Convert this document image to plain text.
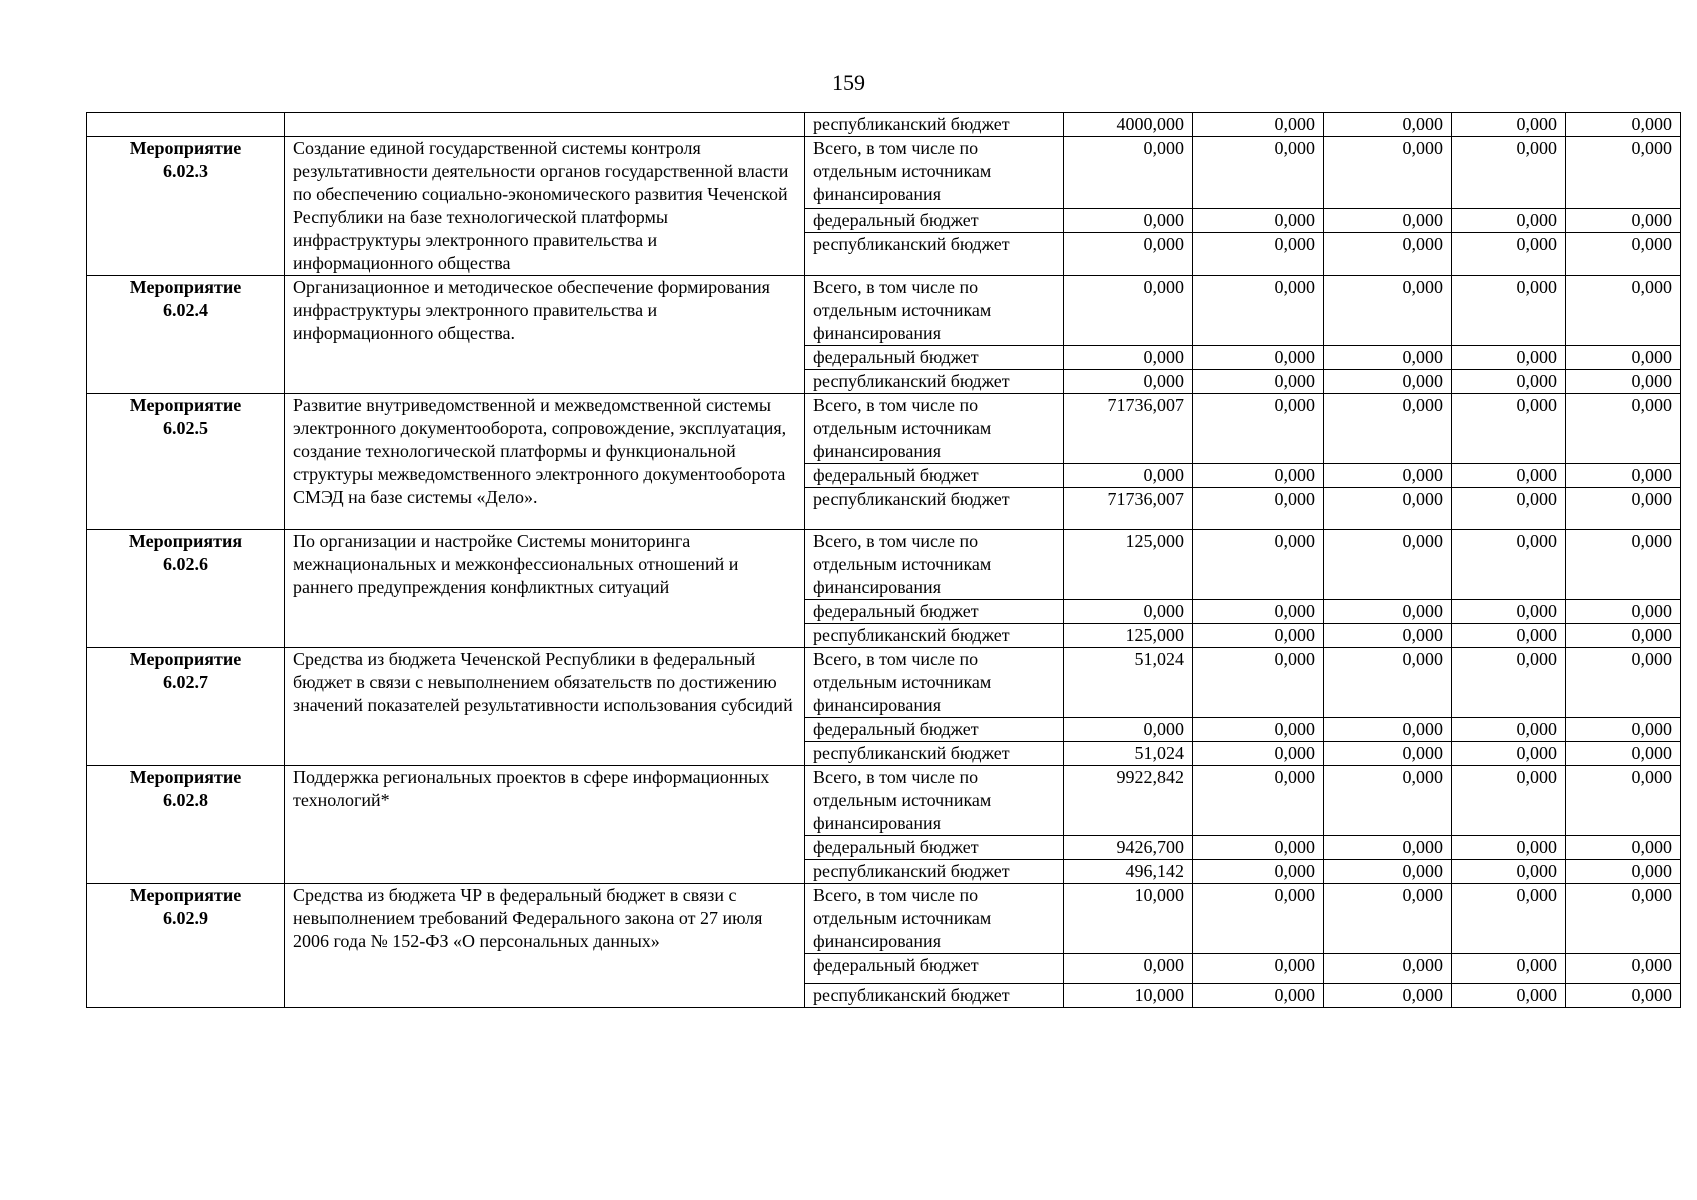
159
		республиканский бюджет	4000,000	0,000	0,000	0,000	0,000

Мероприятие
6.02.3	Создание единой государственной системы контроля результативности деятельности органов государственной власти по обеспечению социально-экономического развития Чеченской Республики на базе технологической платформы инфраструктуры электронного правительства и информационного общества	Всего, в том числе по отдельным источникам финансирования	0,000	0,000	0,000	0,000	0,000
		федеральный бюджет	0,000	0,000	0,000	0,000	0,000
		республиканский бюджет	0,000	0,000	0,000	0,000	0,000

Мероприятие
6.02.4	Организационное и методическое обеспечение формирования инфраструктуры электронного правительства и информационного общества.	Всего, в том числе по отдельным источникам финансирования	0,000	0,000	0,000	0,000	0,000
		федеральный бюджет	0,000	0,000	0,000	0,000	0,000
		республиканский бюджет	0,000	0,000	0,000	0,000	0,000

Мероприятие
6.02.5	Развитие внутриведомственной и межведомственной системы электронного документооборота, сопровождение, эксплуатация, создание технологической платформы и функциональной структуры межведомственного электронного документооборота СМЭД на базе системы «Дело».	Всего, в том числе по отдельным источникам финансирования	71736,007	0,000	0,000	0,000	0,000
		федеральный бюджет	0,000	0,000	0,000	0,000	0,000
		республиканский бюджет	71736,007	0,000	0,000	0,000	0,000

Мероприятия
6.02.6	По организации и настройке Системы мониторинга межнациональных и межконфессиональных отношений и раннего предупреждения конфликтных ситуаций	Всего, в том числе по отдельным источникам финансирования	125,000	0,000	0,000	0,000	0,000
		федеральный бюджет	0,000	0,000	0,000	0,000	0,000
		республиканский бюджет	125,000	0,000	0,000	0,000	0,000

Мероприятие
6.02.7	Средства из бюджета Чеченской Республики в федеральный бюджет в связи с невыполнением обязательств по достижению значений показателей результативности использования субсидий	Всего, в том числе по отдельным источникам финансирования	51,024	0,000	0,000	0,000	0,000
		федеральный бюджет	0,000	0,000	0,000	0,000	0,000
		республиканский бюджет	51,024	0,000	0,000	0,000	0,000

Мероприятие
6.02.8	Поддержка региональных проектов в сфере информационных технологий*	Всего, в том числе по отдельным источникам финансирования	9922,842	0,000	0,000	0,000	0,000
		федеральный бюджет	9426,700	0,000	0,000	0,000	0,000
		республиканский бюджет	496,142	0,000	0,000	0,000	0,000

Мероприятие
6.02.9	Средства из бюджета ЧР в федеральный бюджет в связи с невыполнением требований Федерального закона от 27 июля 2006 года № 152-ФЗ «О персональных данных»	Всего, в том числе по отдельным источникам финансирования	10,000	0,000	0,000	0,000	0,000
		федеральный бюджет	0,000	0,000	0,000	0,000	0,000
		республиканский бюджет	10,000	0,000	0,000	0,000	0,000
